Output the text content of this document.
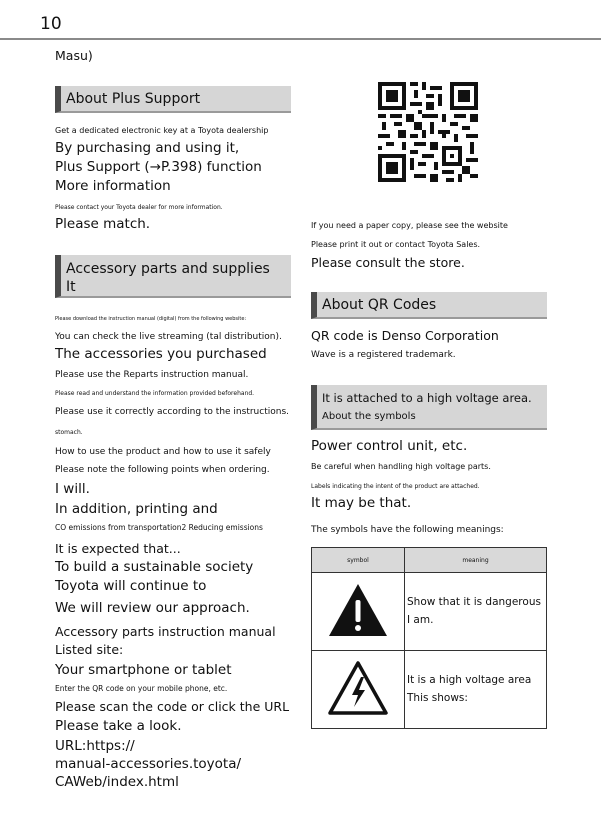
10
Masu)
About Plus Support
Get a dedicated electronic key at a Toyota dealership
By purchasing and using it,
Plus Support (→P.398) function
More information
Please contact your Toyota dealer for more information.
Please match.
Accessory parts and supplies
It
Please download the instruction manual (digital) from the following website:
You can check the live streaming (tal distribution).
The accessories you purchased
Please use the Reparts instruction manual.
Please read and understand the information provided beforehand.
Please use it correctly according to the instructions.
stomach.
How to use the product and how to use it safely
Please note the following points when ordering.
I will.
In addition, printing and
CO emissions from transportation2 Reducing emissions
It is expected that...
To build a sustainable society
Toyota will continue to
We will review our approach.
Accessory parts instruction manual
Listed site:
Your smartphone or tablet
Enter the QR code on your mobile phone, etc.
Please scan the code or click the URL
Please take a look.
URL:https://
manual-accessories.toyota/
CAWeb/index.html
If you need a paper copy, please see the website
Please print it out or contact Toyota Sales.
Please consult the store.
About QR Codes
QR code is Denso Corporation
Wave is a registered trademark.
It is attached to a high voltage area.
About the symbols
Power control unit, etc.
Be careful when handling high voltage parts.
Labels indicating the intent of the product are attached.
It may be that.
The symbols have the following meanings:
symbol	meaning

Show that it is dangerous
I am.

It is a high voltage area
This shows:
